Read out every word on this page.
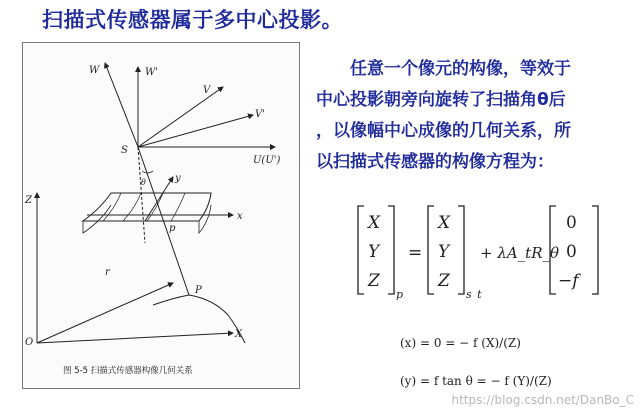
扫描式传感器属于多中心投影。
W	W'
V
V'
S
U(U')
θ	y
x
p
r
P
Z
O
X
图 5-5 扫描式传感器构像几何关系
任意一个像元的构像，等效于
中心投影朝旁向旋转了扫描角θ后
，以像幅中心成像的几何关系，所
以扫描式传感器的构像方程为：
X
Y
Z
p
=
X
Y
Z
s_t
+ λA_tR_θ
0
0
−f
(x) = 0 = − f (X)/(Z)
(y) = f tan θ = − f (Y)/(Z)
https://blog.csdn.net/DanBo_C
